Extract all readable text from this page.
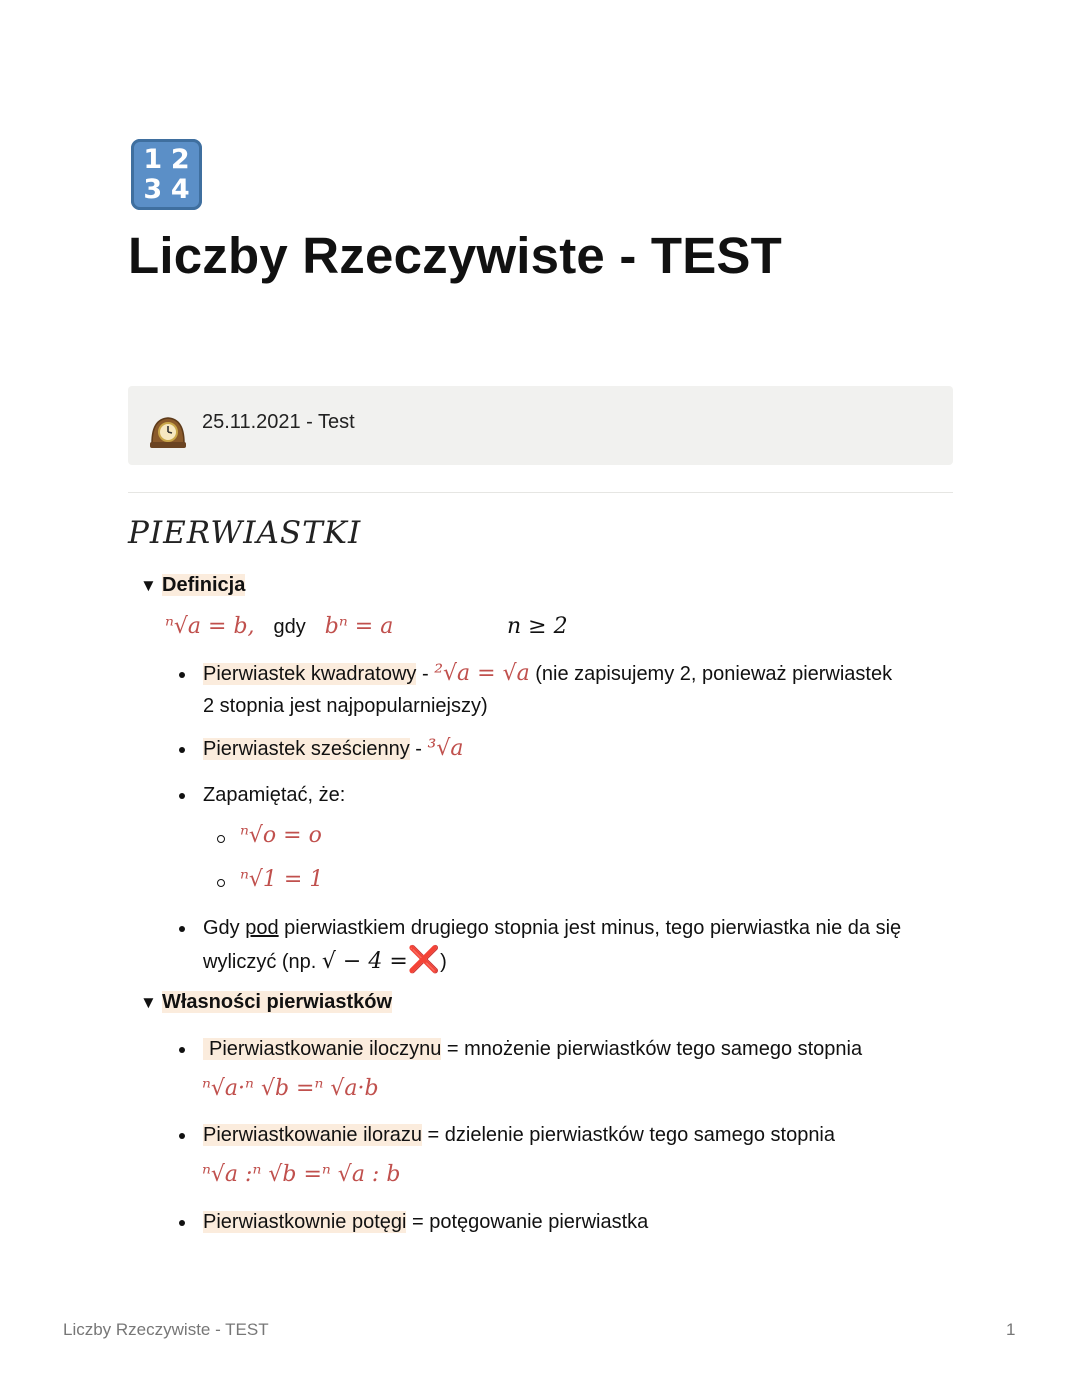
1 2
3 4
Liczby Rzeczywiste - TEST
25.11.2021 - Test
PIERWIASTKI
▼ Definicja
ⁿ√a = b, gdy bⁿ = a	n ≥ 2
Pierwiastek kwadratowy - ²√a = √a (nie zapisujemy 2, ponieważ pierwiastek
2 stopnia jest najpopularniejszy)
Pierwiastek sześcienny - ³√a
Zapamiętać, że:
ⁿ√o = o
ⁿ√1 = 1
Gdy pod pierwiastkiem drugiego stopnia jest minus, tego pierwiastka nie da się
wyliczyć (np. √ − 4 =❌)
▼ Własności pierwiastków
Pierwiastkowanie iloczynu = mnożenie pierwiastków tego samego stopnia
ⁿ√a·ⁿ √b =ⁿ √a·b
Pierwiastkowanie ilorazu = dzielenie pierwiastków tego samego stopnia
ⁿ√a :ⁿ √b =ⁿ √a : b
Pierwiastkownie potęgi = potęgowanie pierwiastka
Liczby Rzeczywiste - TEST	1
